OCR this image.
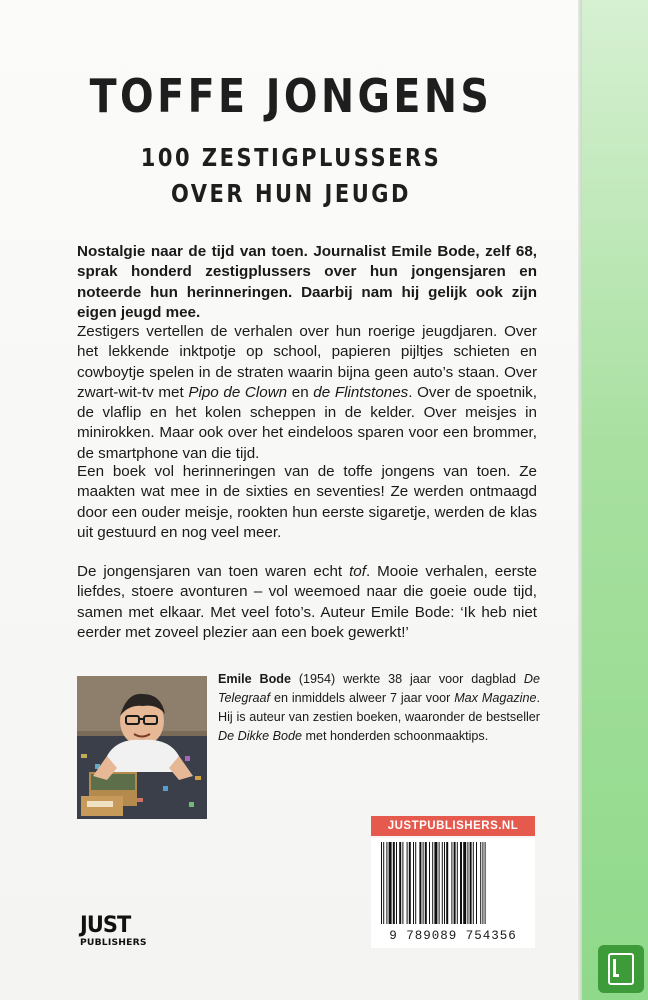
TOFFE JONGENS
100 ZESTIGPLUSSERS
OVER HUN JEUGD

Nostalgie naar de tijd van toen. Journalist Emile Bode, zelf 68, sprak honderd zestigplussers over hun jongensjaren en noteerde hun herinneringen. Daarbij nam hij gelijk ook zijn eigen jeugd mee.

Zestigers vertellen de verhalen over hun roerige jeugdjaren. Over het lekkende inktpotje op school, papieren pijltjes schieten en cowboytje spelen in de straten waarin bijna geen auto’s staan. Over zwart-wit-tv met Pipo de Clown en de Flintstones. Over de spoetnik, de vlaflip en het kolen scheppen in de kelder. Over meisjes in minirokken. Maar ook over het eindeloos sparen voor een brommer, de smartphone van die tijd.

Een boek vol herinneringen van de toffe jongens van toen. Ze maakten wat mee in de sixties en seventies! Ze werden ontmaagd door een ouder meisje, rookten hun eerste sigaretje, werden de klas uit gestuurd en nog veel meer.

De jongensjaren van toen waren echt tof. Mooie verhalen, eerste liefdes, stoere avonturen – vol weemoed naar die goeie oude tijd, samen met elkaar. Met veel foto’s. Auteur Emile Bode: ‘Ik heb niet eerder met zoveel plezier aan een boek gewerkt!’

Emile Bode (1954) werkte 38 jaar voor dagblad De Telegraaf en inmiddels alweer 7 jaar voor Max Magazine. Hij is auteur van zestien boeken, waaronder de bestseller De Dikke Bode met honderden schoonmaaktips.

JUSTPUBLISHERS.NL
9 789089 754356
JUST
PUBLISHERS
